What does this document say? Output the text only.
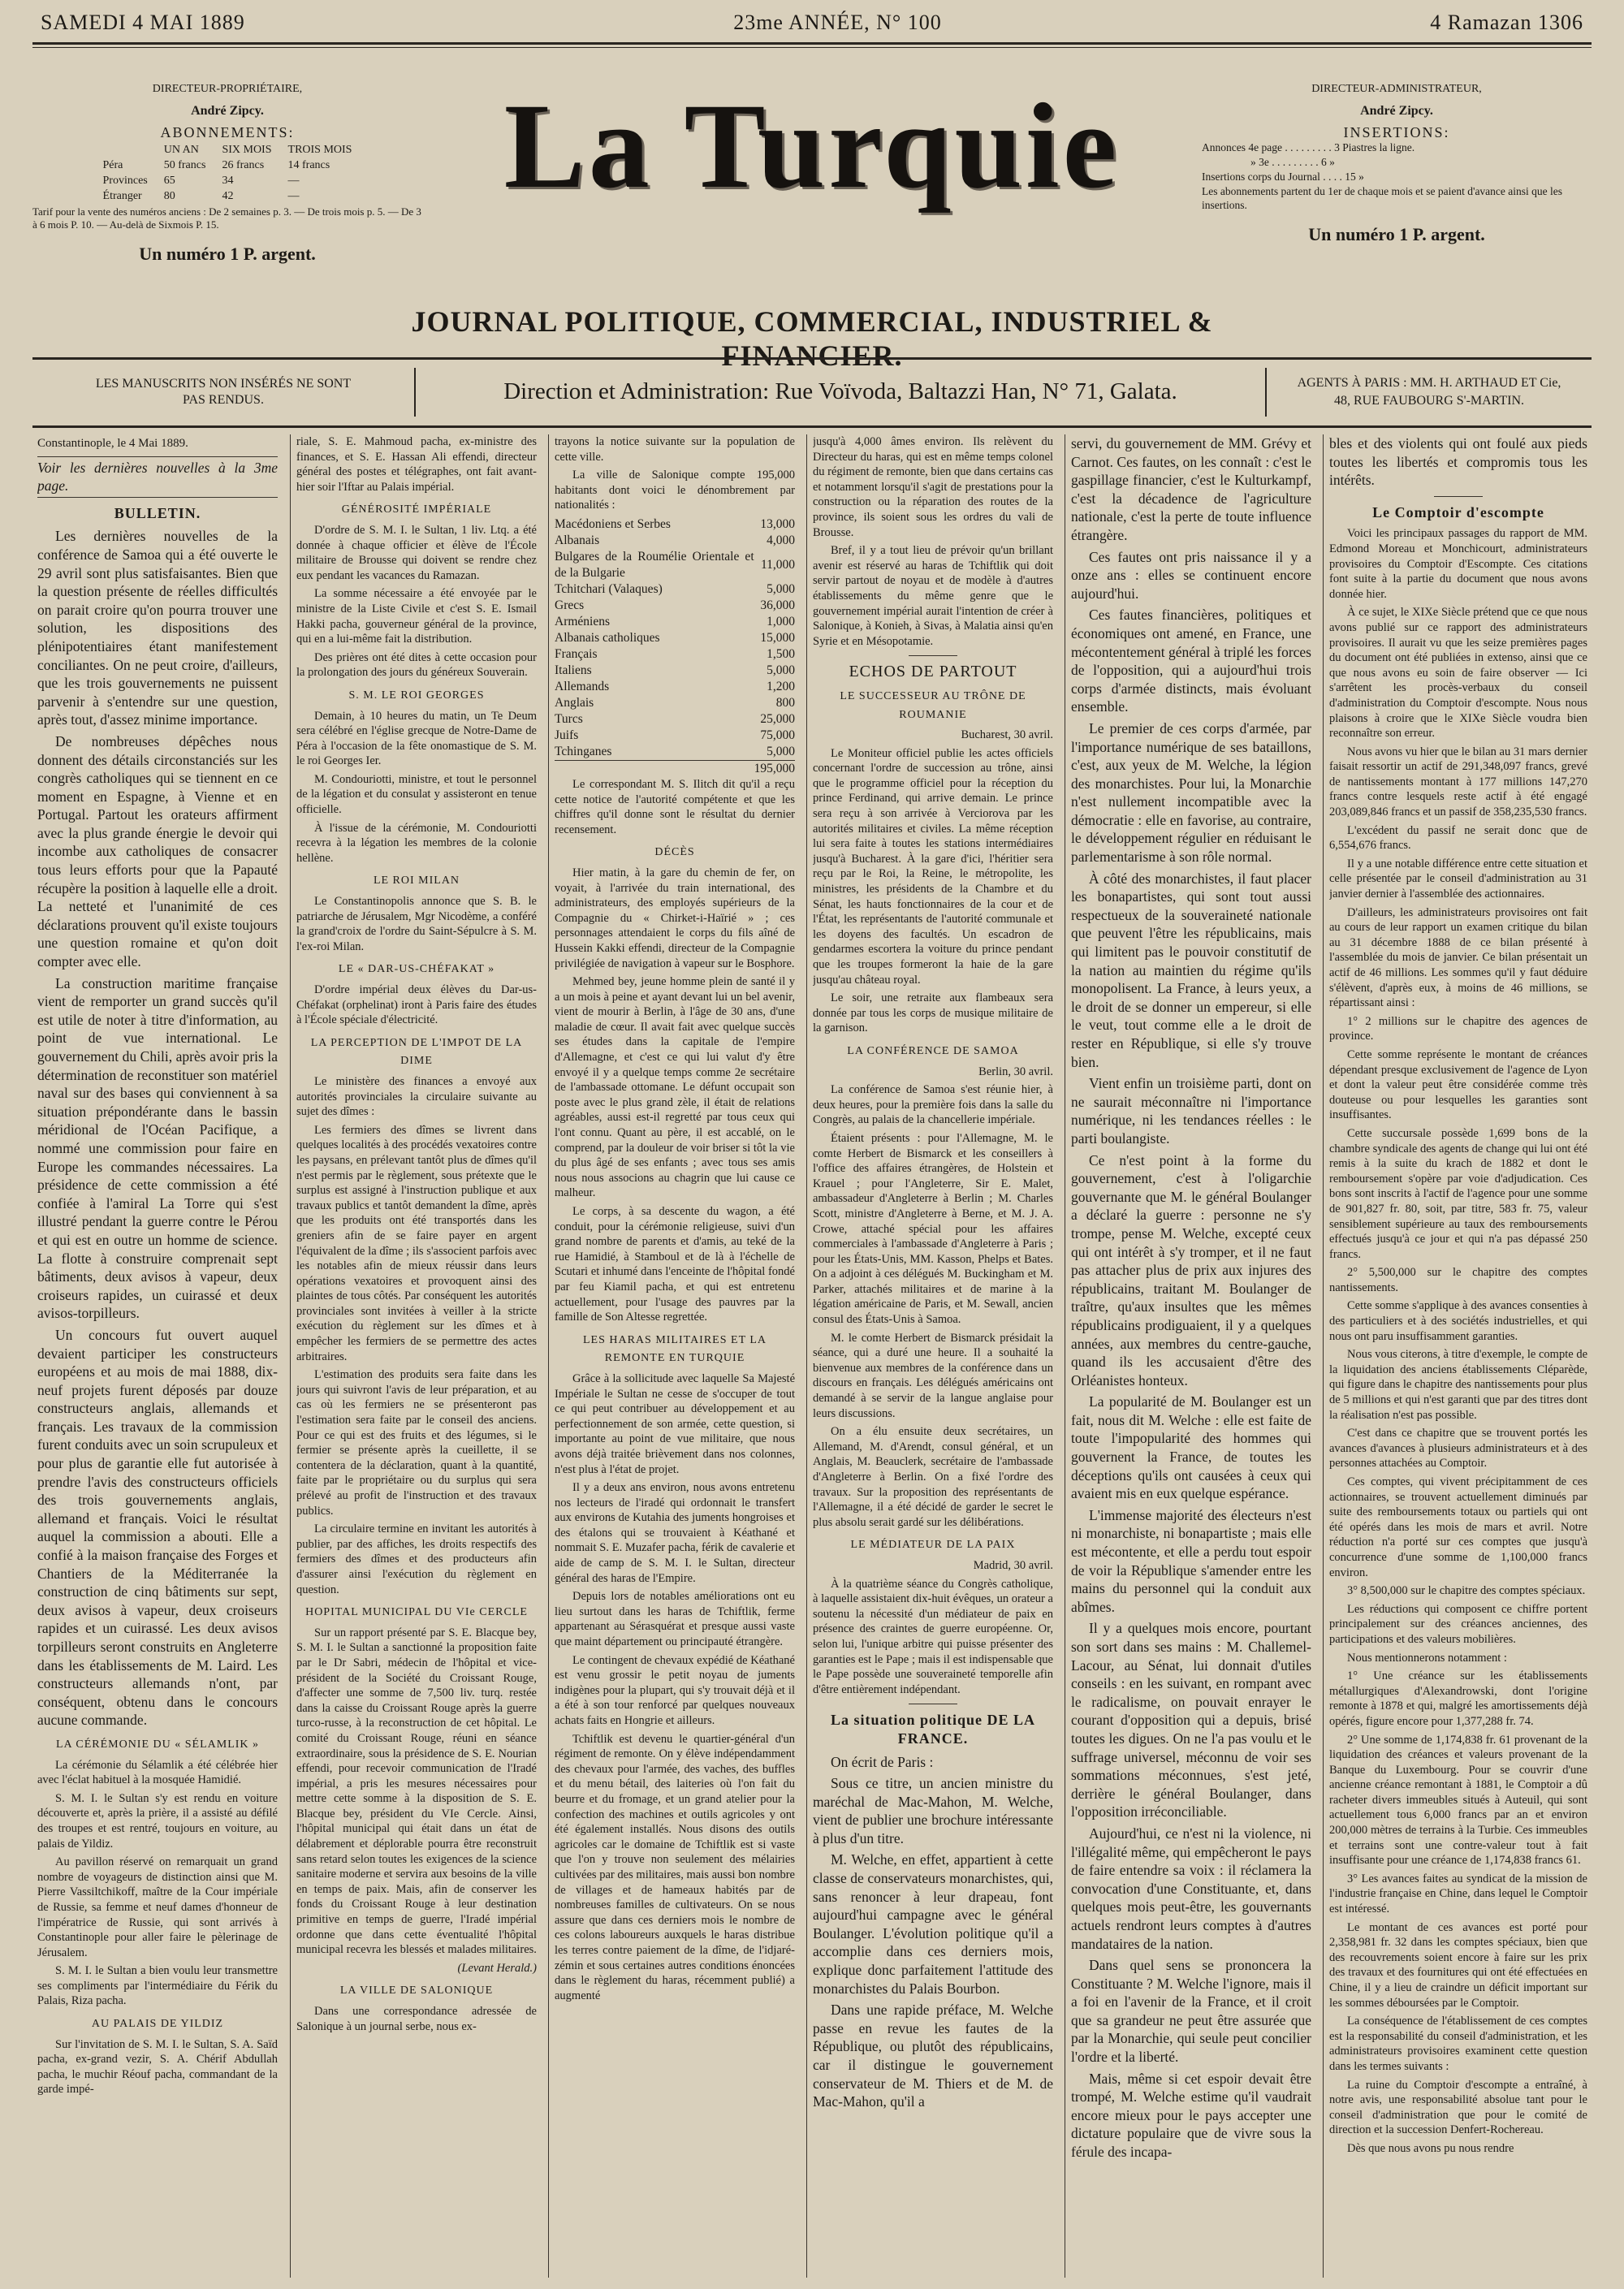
SAMEDI 4 MAI 1889	23me ANNÉE, N° 100	4 Ramazan 1306
DIRECTEUR-PROPRIÉTAIRE,
André Zipcy.
ABONNEMENTS:
	UN AN	SIX MOIS	TROIS MOIS
Péra	50 francs	26 francs	14 francs
Provinces	65	34	—
Étranger	80	42	—
Tarif pour la vente des numéros anciens : De 2 semaines p. 3. — De trois mois p. 5. — De 3 à 6 mois P. 10. — Au-delà de Sixmois P. 15.
Un numéro 1 P. argent.
La Turquie	DIRECTEUR-ADMINISTRATEUR,
André Zipcy.
INSERTIONS:
Annonces 4e page . . . . . . . . . 3 Piastres la ligne.
» 3e . . . . . . . . . 6 »
Insertions corps du Journal . . . . 15 »
Les abonnements partent du 1er de chaque mois et se paient d'avance ainsi que les insertions.
Un numéro 1 P. argent.
JOURNAL POLITIQUE, COMMERCIAL, INDUSTRIEL & FINANCIER.
LES MANUSCRITS NON INSÉRÉS NE SONT
PAS RENDUS.	Direction et Administration: Rue Voïvoda, Baltazzi Han, N° 71, Galata.	AGENTS À PARIS : MM. H. ARTHAUD ET Cie,
48, RUE FAUBOURG S'-MARTIN.

Constantinople, le 4 Mai 1889.

Voir les dernières nouvelles à la 3me page.

BULLETIN.

Les dernières nouvelles de la conférence de Samoa qui a été ouverte le 29 avril sont plus satisfaisantes. Bien que la question présente de réelles difficultés on parait croire qu'on pourra trouver une solution, les dispositions des plénipotentiaires étant manifestement conciliantes. On ne peut croire, d'ailleurs, que les trois gouvernements ne puissent parvenir à s'entendre sur une question, après tout, d'assez minime importance.

De nombreuses dépêches nous donnent des détails circonstanciés sur les congrès catholiques qui se tiennent en ce moment en Espagne, à Vienne et en Portugal. Partout les orateurs affirment avec la plus grande énergie le devoir qui incombe aux catholiques de consacrer tous leurs efforts pour que la Papauté récupère la position à laquelle elle a droit. La netteté et l'unanimité de ces déclarations prouvent qu'il existe toujours une question romaine et qu'on doit compter avec elle.

La construction maritime française vient de remporter un grand succès qu'il est utile de noter à titre d'information, au point de vue international. Le gouvernement du Chili, après avoir pris la détermination de reconstituer son matériel naval sur des bases qui conviennent à sa situation prépondérante dans le bassin méridional de l'Océan Pacifique, a nommé une commission pour faire en Europe les commandes nécessaires. La présidence de cette commission a été confiée à l'amiral La Torre qui s'est illustré pendant la guerre contre le Pérou et qui est en outre un homme de science. La flotte à construire comprenait sept bâtiments, deux avisos à vapeur, deux croiseurs rapides, un cuirassé et deux avisos-torpilleurs.

Un concours fut ouvert auquel devaient participer les constructeurs européens et au mois de mai 1888, dix-neuf projets furent déposés par douze constructeurs anglais, allemands et français. Les travaux de la commission furent conduits avec un soin scrupuleux et pour plus de garantie elle fut autorisée à prendre l'avis des constructeurs officiels des trois gouvernements anglais, allemand et français. Voici le résultat auquel la commission a abouti. Elle a confié à la maison française des Forges et Chantiers de la Méditerranée la construction de cinq bâtiments sur sept, deux avisos à vapeur, deux croiseurs rapides et un cuirassé. Les deux avisos torpilleurs seront construits en Angleterre dans les établissements de M. Laird. Les constructeurs allemands n'ont, par conséquent, obtenu dans le concours aucune commande.

LA CÉRÉMONIE DU « SÉLAMLIK »

La cérémonie du Sélamlik a été célébrée hier avec l'éclat habituel à la mosquée Hamidié.

S. M. I. le Sultan s'y est rendu en voiture découverte et, après la prière, il a assisté au défilé des troupes et est rentré, toujours en voiture, au palais de Yildiz.

Au pavillon réservé on remarquait un grand nombre de voyageurs de distinction ainsi que M. Pierre Vassiltchikoff, maître de la Cour impériale de Russie, sa femme et neuf dames d'honneur de l'impératrice de Russie, qui sont arrivés à Constantinople pour aller faire le pèlerinage de Jérusalem.

S. M. I. le Sultan a bien voulu leur transmettre ses compliments par l'intermédiaire du Férik du Palais, Riza pacha.

AU PALAIS DE YILDIZ

Sur l'invitation de S. M. I. le Sultan, S. A. Saïd pacha, ex-grand vezir, S. A. Chérif Abdullah pacha, le muchir Réouf pacha, commandant de la garde impé-

riale, S. E. Mahmoud pacha, ex-ministre des finances, et S. E. Hassan Ali effendi, directeur général des postes et télégraphes, ont fait avant-hier soir l'Iftar au Palais impérial.

GÉNÉROSITÉ IMPÉRIALE

D'ordre de S. M. I. le Sultan, 1 liv. Ltq. a été donnée à chaque officier et élève de l'École militaire de Brousse qui doivent se rendre chez eux pendant les vacances du Ramazan.

La somme nécessaire a été envoyée par le ministre de la Liste Civile et c'est S. E. Ismail Hakki pacha, gouverneur général de la province, qui en a lui-même fait la distribution.

Des prières ont été dites à cette occasion pour la prolongation des jours du généreux Souverain.

S. M. LE ROI GEORGES

Demain, à 10 heures du matin, un Te Deum sera célébré en l'église grecque de Notre-Dame de Péra à l'occasion de la fête onomastique de S. M. le roi Georges Ier.

M. Condouriotti, ministre, et tout le personnel de la légation et du consulat y assisteront en tenue officielle.

À l'issue de la cérémonie, M. Condouriotti recevra à la légation les membres de la colonie hellène.

LE ROI MILAN

Le Constantinopolis annonce que S. B. le patriarche de Jérusalem, Mgr Nicodème, a conféré la grand'croix de l'ordre du Saint-Sépulcre à S. M. l'ex-roi Milan.

LE « DAR-US-CHÉFAKAT »

D'ordre impérial deux élèves du Dar-us-Chéfakat (orphelinat) iront à Paris faire des études à l'École spéciale d'électricité.

LA PERCEPTION DE L'IMPOT DE LA DIME

Le ministère des finances a envoyé aux autorités provinciales la circulaire suivante au sujet des dîmes :

Les fermiers des dîmes se livrent dans quelques localités à des procédés vexatoires contre les paysans, en prélevant tantôt plus de dîmes qu'il n'est permis par le règlement, sous prétexte que le surplus est assigné à l'instruction publique et aux travaux publics et tantôt demandent la dîme, après que les produits ont été transportés dans les greniers afin de se faire payer en argent l'équivalent de la dîme ; ils s'associent parfois avec les notables afin de mieux réussir dans leurs opérations vexatoires et provoquent ainsi des plaintes de tous côtés. Par conséquent les autorités provinciales sont invitées à veiller à la stricte exécution du règlement sur les dîmes et à empêcher les fermiers de se permettre des actes arbitraires.

L'estimation des produits sera faite dans les jours qui suivront l'avis de leur préparation, et au cas où les fermiers ne se présenteront pas l'estimation sera faite par le conseil des anciens. Pour ce qui est des fruits et des légumes, si le fermier se présente après la cueillette, il se contentera de la déclaration, quant à la quantité, faite par le propriétaire ou du surplus qui sera prélevé au profit de l'instruction et des travaux publics.

La circulaire termine en invitant les autorités à publier, par des affiches, les droits respectifs des fermiers des dîmes et des producteurs afin d'assurer ainsi l'exécution du règlement en question.

HOPITAL MUNICIPAL DU VIe CERCLE

Sur un rapport présenté par S. E. Blacque bey, S. M. I. le Sultan a sanctionné la proposition faite par le Dr Sabri, médecin de l'hôpital et vice-président de la Société du Croissant Rouge, d'affecter une somme de 7,500 liv. turq. restée dans la caisse du Croissant Rouge après la guerre turco-russe, à la reconstruction de cet hôpital. Le comité du Croissant Rouge, réuni en séance extraordinaire, sous la présidence de S. E. Nourian effendi, pour recevoir communication de l'Iradé impérial, a pris les mesures nécessaires pour mettre cette somme à la disposition de S. E. Blacque bey, président du VIe Cercle. Ainsi, l'hôpital municipal qui était dans un état de délabrement et déplorable pourra être reconstruit sans retard selon toutes les exigences de la science sanitaire moderne et servira aux besoins de la ville en temps de paix. Mais, afin de conserver les fonds du Croissant Rouge à leur destination primitive en temps de guerre, l'Iradé impérial ordonne que dans cette éventualité l'hôpital municipal recevra les blessés et malades militaires.

(Levant Herald.)

LA VILLE DE SALONIQUE

Dans une correspondance adressée de Salonique à un journal serbe, nous ex-

trayons la notice suivante sur la population de cette ville.

La ville de Salonique compte 195,000 habitants dont voici le dénombrement par nationalités :

Macédoniens et Serbes	13,000
Albanais	4,000
Bulgares de la Roumélie Orientale et de la Bulgarie	11,000
Tchitchari (Valaques)	5,000
Grecs	36,000
Arméniens	1,000
Albanais catholiques	15,000
Français	1,500
Italiens	5,000
Allemands	1,200
Anglais	800
Turcs	25,000
Juifs	75,000
Tchinganes	5,000
	195,000

Le correspondant M. S. Ilitch dit qu'il a reçu cette notice de l'autorité compétente et que les chiffres qu'il donne sont le résultat du dernier recensement.

DÉCÈS

Hier matin, à la gare du chemin de fer, on voyait, à l'arrivée du train international, des administrateurs, des employés supérieurs de la Compagnie du « Chirket-i-Haïrié » ; ces personnages attendaient le corps du fils aîné de Hussein Kakki effendi, directeur de la Compagnie privilégiée de navigation à vapeur sur le Bosphore.

Mehmed bey, jeune homme plein de santé il y a un mois à peine et ayant devant lui un bel avenir, vient de mourir à Berlin, à l'âge de 30 ans, d'une maladie de cœur. Il avait fait avec quelque succès ses études dans la capitale de l'empire d'Allemagne, et c'est ce qui lui valut d'y être envoyé il y a quelque temps comme 2e secrétaire de l'ambassade ottomane. Le défunt occupait son poste avec le plus grand zèle, il était de relations agréables, aussi est-il regretté par tous ceux qui l'ont connu. Quant au père, il est accablé, on le comprend, par la douleur de voir briser si tôt la vie du plus âgé de ses enfants ; avec tous ses amis nous nous associons au chagrin que lui cause ce malheur.

Le corps, à sa descente du wagon, a été conduit, pour la cérémonie religieuse, suivi d'un grand nombre de parents et d'amis, au teké de la rue Hamidié, à Stamboul et de là à l'échelle de Scutari et inhumé dans l'enceinte de l'hôpital fondé par feu Kiamil pacha, et qui est entretenu actuellement, pour l'usage des pauvres par la famille de Son Altesse regrettée.

LES HARAS MILITAIRES ET LA REMONTE EN TURQUIE

Grâce à la sollicitude avec laquelle Sa Majesté Impériale le Sultan ne cesse de s'occuper de tout ce qui peut contribuer au développement et au perfectionnement de son armée, cette question, si importante au point de vue militaire, que nous avons déjà traitée brièvement dans nos colonnes, n'est plus à l'état de projet.

Il y a deux ans environ, nous avons entretenu nos lecteurs de l'iradé qui ordonnait le transfert aux environs de Kutahia des juments hongroises et des étalons qui se trouvaient à Kéathané et nommait S. E. Muzafer pacha, férik de cavalerie et aide de camp de S. M. I. le Sultan, directeur général des haras de l'Empire.

Depuis lors de notables améliorations ont eu lieu surtout dans les haras de Tchiftlik, ferme appartenant au Sérasquérat et presque aussi vaste que maint département ou principauté étrangère.

Le contingent de chevaux expédié de Kéathané est venu grossir le petit noyau de juments indigènes pour la plupart, qui s'y trouvait déjà et il a été à son tour renforcé par quelques nouveaux achats faits en Hongrie et ailleurs.

Tchiftlik est devenu le quartier-général d'un régiment de remonte. On y élève indépendamment des chevaux pour l'armée, des vaches, des buffles et du menu bétail, des laiteries où l'on fait du beurre et du fromage, et un grand atelier pour la confection des machines et outils agricoles y ont été également installés. Nous disons des outils agricoles car le domaine de Tchiftlik est si vaste que l'on y trouve non seulement des mélairies cultivées par des militaires, mais aussi bon nombre de villages et de hameaux habités par de nombreuses familles de cultivateurs. On se nous assure que dans ces derniers mois le nombre de ces colons laboureurs auxquels le haras distribue les terres contre paiement de la dîme, de l'idjaré-zémin et sous certaines autres conditions énoncées dans le règlement du haras, récemment publié) a augmenté

jusqu'à 4,000 âmes environ. Ils relèvent du Directeur du haras, qui est en même temps colonel du régiment de remonte, bien que dans certains cas et notamment lorsqu'il s'agit de prestations pour la construction ou la réparation des routes de la province, ils soient sous les ordres du vali de Brousse.

Bref, il y a tout lieu de prévoir qu'un brillant avenir est réservé au haras de Tchiftlik qui doit servir partout de noyau et de modèle à d'autres établissements du même genre que le gouvernement impérial aurait l'intention de créer à Salonique, à Konieh, à Sivas, à Malatia ainsi qu'en Syrie et en Mésopotamie.

ECHOS DE PARTOUT
LE SUCCESSEUR AU TRÔNE DE ROUMANIE

Bucharest, 30 avril.

Le Moniteur officiel publie les actes officiels concernant l'ordre de succession au trône, ainsi que le programme officiel pour la réception du prince Ferdinand, qui arrive demain. Le prince sera reçu à son arrivée à Verciorova par les autorités militaires et civiles. La même réception lui sera faite à toutes les stations intermédiaires jusqu'à Bucharest. À la gare d'ici, l'héritier sera reçu par le Roi, la Reine, le métropolite, les ministres, les présidents de la Chambre et du Sénat, les hauts fonctionnaires de la cour et de l'État, les représentants de l'autorité communale et les doyens des facultés. Un escadron de gendarmes escortera la voiture du prince pendant que les troupes formeront la haie de la gare jusqu'au château royal.

Le soir, une retraite aux flambeaux sera donnée par tous les corps de musique militaire de la garnison.

LA CONFÉRENCE DE SAMOA

Berlin, 30 avril.

La conférence de Samoa s'est réunie hier, à deux heures, pour la première fois dans la salle du Congrès, au palais de la chancellerie impériale.

Étaient présents : pour l'Allemagne, M. le comte Herbert de Bismarck et les conseillers à l'office des affaires étrangères, de Holstein et Krauel ; pour l'Angleterre, Sir E. Malet, ambassadeur d'Angleterre à Berlin ; M. Charles Scott, ministre d'Angleterre à Berne, et M. J. A. Crowe, attaché spécial pour les affaires commerciales à l'ambassade d'Angleterre à Paris ; pour les États-Unis, MM. Kasson, Phelps et Bates. On a adjoint à ces délégués M. Buckingham et M. Parker, attachés militaires et de marine à la légation américaine de Paris, et M. Sewall, ancien consul des États-Unis à Samoa.

M. le comte Herbert de Bismarck présidait la séance, qui a duré une heure. Il a souhaité la bienvenue aux membres de la conférence dans un discours en français. Les délégués américains ont demandé à se servir de la langue anglaise pour leurs discussions.

On a élu ensuite deux secrétaires, un Allemand, M. d'Arendt, consul général, et un Anglais, M. Beauclerk, secrétaire de l'ambassade d'Angleterre à Berlin. On a fixé l'ordre des travaux. Sur la proposition des représentants de l'Allemagne, il a été décidé de garder le secret le plus absolu serait gardé sur les délibérations.

LE MÉDIATEUR DE LA PAIX

Madrid, 30 avril.

À la quatrième séance du Congrès catholique, à laquelle assistaient dix-huit évêques, un orateur a soutenu la nécessité d'un médiateur de paix en présence des craintes de guerre européenne. Or, selon lui, l'unique arbitre qui puisse présenter des garanties est le Pape ; mais il est indispensable que le Pape possède une souveraineté temporelle afin d'être entièrement indépendant.

La situation politique DE LA FRANCE.

On écrit de Paris :

Sous ce titre, un ancien ministre du maréchal de Mac-Mahon, M. Welche, vient de publier une brochure intéressante à plus d'un titre.

M. Welche, en effet, appartient à cette classe de conservateurs monarchistes, qui, sans renoncer à leur drapeau, font aujourd'hui campagne avec le général Boulanger. L'évolution politique qu'il a accomplie dans ces derniers mois, explique donc parfaitement l'attitude des monarchistes du Palais Bourbon.

Dans une rapide préface, M. Welche passe en revue les fautes de la République, ou plutôt des républicains, car il distingue le gouvernement conservateur de M. Thiers et de M. de Mac-Mahon, qu'il a

servi, du gouvernement de MM. Grévy et Carnot. Ces fautes, on les connaît : c'est le gaspillage financier, c'est le Kulturkampf, c'est la décadence de l'agriculture nationale, c'est la perte de toute influence étrangère.

Ces fautes ont pris naissance il y a onze ans : elles se continuent encore aujourd'hui.

Ces fautes financières, politiques et économiques ont amené, en France, une mécontentement général à triplé les forces de l'opposition, qui a aujourd'hui trois corps d'armée distincts, mais évoluant ensemble.

Le premier de ces corps d'armée, par l'importance numérique de ses bataillons, c'est, aux yeux de M. Welche, la légion des monarchistes. Pour lui, la Monarchie n'est nullement incompatible avec la démocratie : elle en favorise, au contraire, le développement régulier en réduisant le parlementarisme à son rôle normal.

À côté des monarchistes, il faut placer les bonapartistes, qui sont tout aussi respectueux de la souveraineté nationale que peuvent l'être les républicains, mais qui limitent pas le pouvoir constitutif de la nation au maintien du régime qu'ils monopolisent. La France, à leurs yeux, a le droit de se donner un empereur, si elle le veut, tout comme elle a le droit de rester en République, si elle s'y trouve bien.

Vient enfin un troisième parti, dont on ne saurait méconnaître ni l'importance numérique, ni les tendances réelles : le parti boulangiste.

Ce n'est point à la forme du gouvernement, c'est à l'oligarchie gouvernante que M. le général Boulanger a déclaré la guerre : personne ne s'y trompe, pense M. Welche, excepté ceux qui ont intérêt à s'y tromper, et il ne faut pas attacher plus de prix aux injures des républicains, traitant M. Boulanger de traître, qu'aux insultes que les mêmes républicains prodiguaient, il y a quelques années, aux membres du centre-gauche, quand ils les accusaient d'être des Orléanistes honteux.

La popularité de M. Boulanger est un fait, nous dit M. Welche : elle est faite de toute l'impopularité des hommes qui gouvernent la France, de toutes les déceptions qu'ils ont causées à ceux qui avaient mis en eux quelque espérance.

L'immense majorité des électeurs n'est ni monarchiste, ni bonapartiste ; mais elle est mécontente, et elle a perdu tout espoir de voir la République s'amender entre les mains du personnel qui la conduit aux abîmes.

Il y a quelques mois encore, pourtant son sort dans ses mains : M. Challemel-Lacour, au Sénat, lui donnait d'utiles conseils : en les suivant, en rompant avec le radicalisme, on pouvait enrayer le courant d'opposition qui a depuis, brisé toutes les digues. On ne l'a pas voulu et le suffrage universel, méconnu de voir ses sommations méconnues, s'est jeté, derrière le général Boulanger, dans l'opposition irréconciliable.

Aujourd'hui, ce n'est ni la violence, ni l'illégalité même, qui empêcheront le pays de faire entendre sa voix : il réclamera la convocation d'une Constituante, et, dans quelques mois peut-être, les gouvernants actuels rendront leurs comptes à d'autres mandataires de la nation.

Dans quel sens se prononcera la Constituante ? M. Welche l'ignore, mais il a foi en l'avenir de la France, et il croit que sa grandeur ne peut être assurée que par la Monarchie, qui seule peut concilier l'ordre et la liberté.

Mais, même si cet espoir devait être trompé, M. Welche estime qu'il vaudrait encore mieux pour le pays accepter une dictature populaire que de vivre sous la férule des incapa-

bles et des violents qui ont foulé aux pieds toutes les libertés et compromis tous les intérêts.

Le Comptoir d'escompte

Voici les principaux passages du rapport de MM. Edmond Moreau et Monchicourt, administrateurs provisoires du Comptoir d'Escompte. Ces citations font suite à la partie du document que nous avons donnée hier.

À ce sujet, le XIXe Siècle prétend que ce que nous avons publié sur ce rapport des administrateurs provisoires. Il aurait vu que les seize premières pages du document ont été publiées in extenso, ainsi que ce que nous avons eu soin de faire observer — Ici s'arrêtent les procès-verbaux du conseil d'administration du Comptoir d'escompte. Nous nous plaisons à croire que le XIXe Siècle voudra bien reconnaître son erreur.

Nous avons vu hier que le bilan au 31 mars dernier faisait ressortir un actif de 291,348,097 francs, grevé de nantissements montant à 177 millions 147,270 francs contre lesquels reste actif à été engagé 203,089,846 francs et un passif de 358,235,530 francs.

L'excédent du passif ne serait donc que de 6,554,676 francs.

Il y a une notable différence entre cette situation et celle présentée par le conseil d'administration au 31 janvier dernier à l'assemblée des actionnaires.

D'ailleurs, les administrateurs provisoires ont fait au cours de leur rapport un examen critique du bilan au 31 décembre 1888 de ce bilan présenté à l'assemblée du mois de janvier. Ce bilan présentait un actif de 46 millions. Les sommes qu'il y faut déduire s'élèvent, d'après eux, à moins de 46 millions, se répartissant ainsi :

1° 2 millions sur le chapitre des agences de province.

Cette somme représente le montant de créances dépendant presque exclusivement de l'agence de Lyon et dont la valeur peut être considérée comme très douteuse ou pour lesquelles les garanties sont insuffisantes.

Cette succursale possède 1,699 bons de la chambre syndicale des agents de change qui lui ont été remis à la suite du krach de 1882 et dont le remboursement s'opère par voie d'adjudication. Ces bons sont inscrits à l'actif de l'agence pour une somme de 901,827 fr. 80, soit, par titre, 583 fr. 75, valeur sensiblement supérieure au taux des remboursements effectués jusqu'à ce jour et qui n'a pas dépassé 250 francs.

2° 5,500,000 sur le chapitre des comptes nantissements.

Cette somme s'applique à des avances consenties à des particuliers et à des sociétés industrielles, et qui nous ont paru insuffisamment garanties.

Nous vous citerons, à titre d'exemple, le compte de la liquidation des anciens établissements Cléparède, qui figure dans le chapitre des nantissements pour plus de 5 millions et qui n'est garanti que par des titres dont la réalisation n'est pas possible.

C'est dans ce chapitre que se trouvent portés les avances d'avances à plusieurs administrateurs et à des personnes attachées au Comptoir.

Ces comptes, qui vivent précipitamment de ces actionnaires, se trouvent actuellement diminués par suite des remboursements totaux ou partiels qui ont été opérés dans les mois de mars et avril. Notre réduction n'a porté sur ces comptes que jusqu'à concurrence d'une somme de 1,100,000 francs environ.

3° 8,500,000 sur le chapitre des comptes spéciaux.

Les réductions qui composent ce chiffre portent principalement sur des créances anciennes, des participations et des valeurs mobilières.

Nous mentionnerons notamment :

1° Une créance sur les établissements métallurgiques d'Alexandrowski, dont l'origine remonte à 1878 et qui, malgré les amortissements déjà opérés, figure encore pour 1,377,288 fr. 74.

2° Une somme de 1,174,838 fr. 61 provenant de la liquidation des créances et valeurs provenant de la Banque du Luxembourg. Pour se couvrir d'une ancienne créance remontant à 1881, le Comptoir a dû racheter divers immeubles situés à Auteuil, qui sont actuellement tous 6,000 francs par an et environ 200,000 mètres de terrains à la Turbie. Ces immeubles et terrains sont une contre-valeur tout à fait insuffisante pour une créance de 1,174,838 francs 61.

3° Les avances faites au syndicat de la mission de l'industrie française en Chine, dans lequel le Comptoir est intéressé.

Le montant de ces avances est porté pour 2,358,981 fr. 32 dans les comptes spéciaux, bien que des recouvrements soient encore à faire sur les prix des travaux et des fournitures qui ont été effectuées en Chine, il y a lieu de craindre un déficit important sur les sommes déboursées par le Comptoir.

La conséquence de l'établissement de ces comptes est la responsabilité du conseil d'administration, et les administrateurs provisoires examinent cette question dans les termes suivants :

La ruine du Comptoir d'escompte a entraîné, à notre avis, une responsabilité absolue tant pour le conseil d'administration que pour le comité de direction et la succession Denfert-Rochereau.

Dès que nous avons pu nous rendre
